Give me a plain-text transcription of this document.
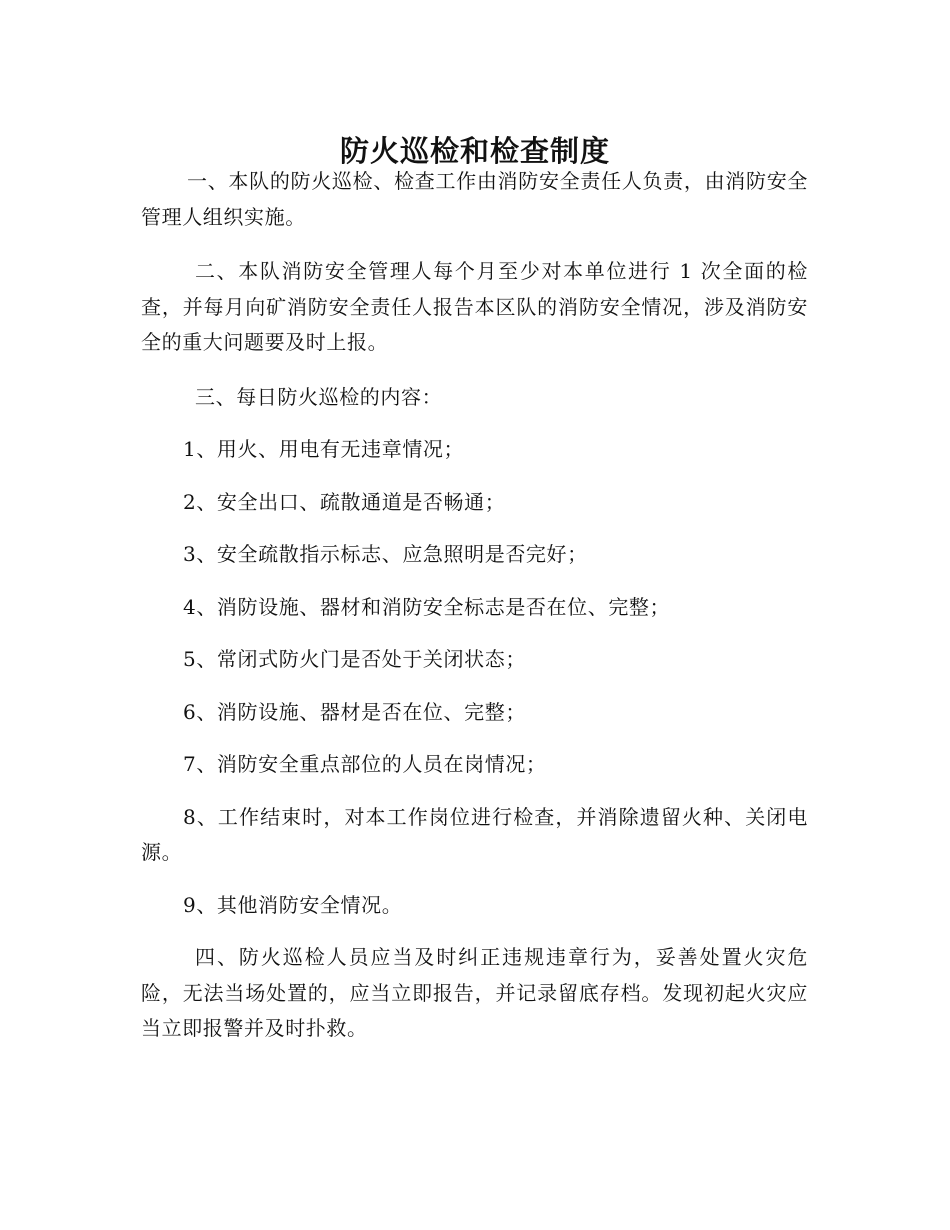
防火巡检和检查制度

一、本队的防火巡检、检查工作由消防安全责任人负责，由消防安全管理人组织实施。

二、本队消防安全管理人每个月至少对本单位进行 1 次全面的检查，并每月向矿消防安全责任人报告本区队的消防安全情况，涉及消防安全的重大问题要及时上报。

三、每日防火巡检的内容：

1、用火、用电有无违章情况；

2、安全出口、疏散通道是否畅通；

3、安全疏散指示标志、应急照明是否完好；

4、消防设施、器材和消防安全标志是否在位、完整；

5、常闭式防火门是否处于关闭状态；

6、消防设施、器材是否在位、完整；

7、消防安全重点部位的人员在岗情况；

8、工作结束时，对本工作岗位进行检查，并消除遗留火种、关闭电源。

9、其他消防安全情况。

四、防火巡检人员应当及时纠正违规违章行为，妥善处置火灾危险，无法当场处置的，应当立即报告，并记录留底存档。发现初起火灾应当立即报警并及时扑救。
